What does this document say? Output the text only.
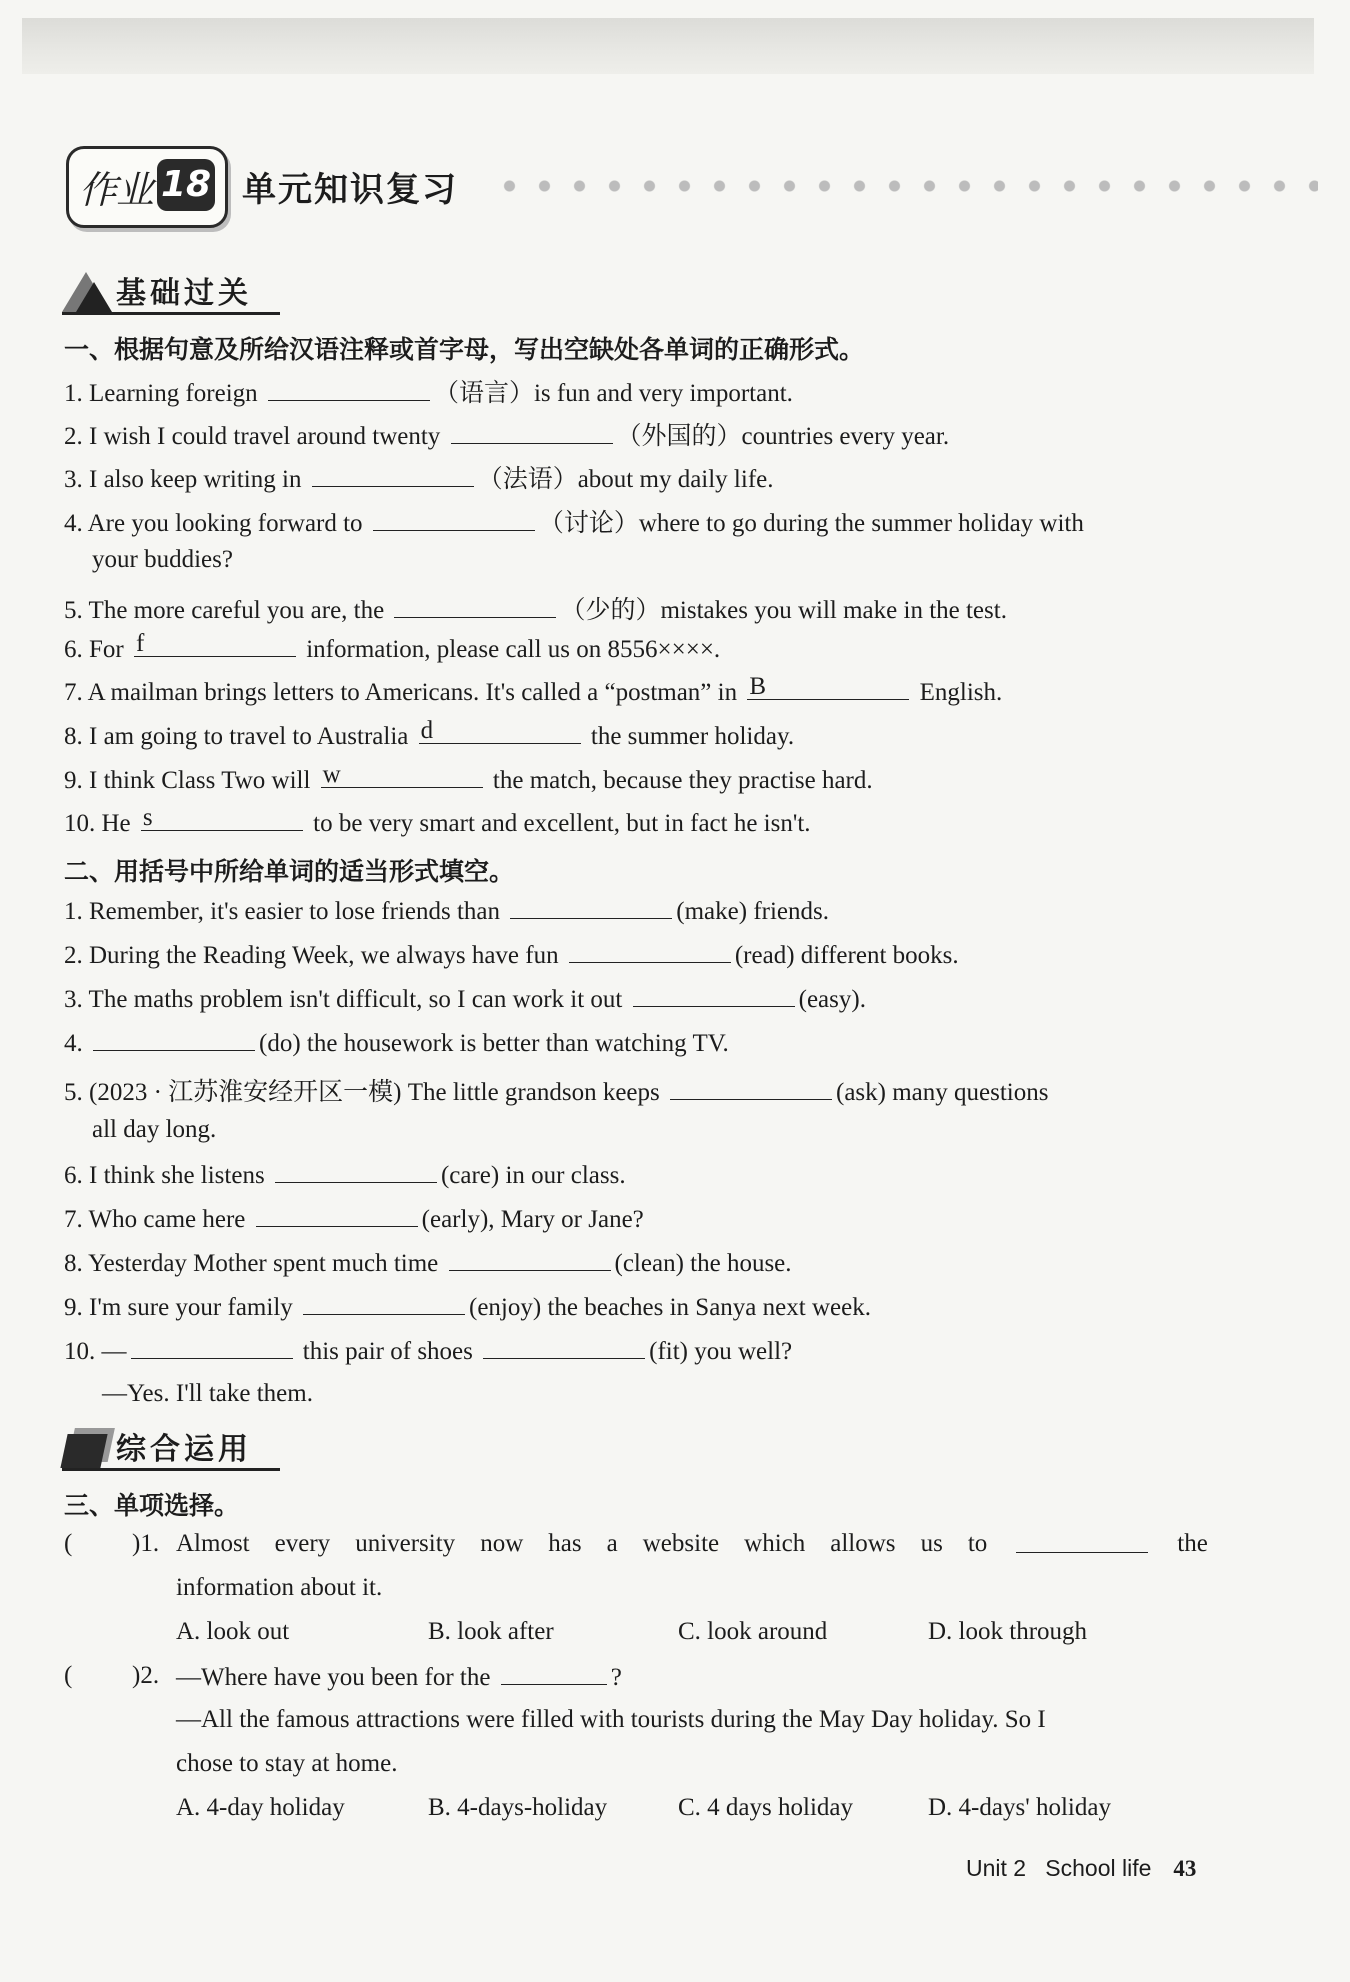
作业 18 单元知识复习
基础过关
一、根据句意及所给汉语注释或首字母，写出空缺处各单词的正确形式。
1. Learning foreign	（语言）is fun and very important.
2. I wish I could travel around twenty	（外国的）countries every year.
3. I also keep writing in	（法语）about my daily life.
4. Are you looking forward to	（讨论）where to go during the summer holiday with
your buddies?
5. The more careful you are, the	（少的）mistakes you will make in the test.
6. For f	information, please call us on 8556××××.
7. A mailman brings letters to Americans. It's called a “postman” in B	English.
8. I am going to travel to Australia d	the summer holiday.
9. I think Class Two will w	the match, because they practise hard.
10. He s	to be very smart and excellent, but in fact he isn't.
二、用括号中所给单词的适当形式填空。
1. Remember, it's easier to lose friends than	(make) friends.
2. During the Reading Week, we always have fun	(read) different books.
3. The maths problem isn't difficult, so I can work it out	(easy).
4.	(do) the housework is better than watching TV.
5. (2023 · 江苏淮安经开区一模) The little grandson keeps	(ask) many questions
all day long.
6. I think she listens	(care) in our class.
7. Who came here	(early), Mary or Jane?
8. Yesterday Mother spent much time	(clean) the house.
9. I'm sure your family	(enjoy) the beaches in Sanya next week.
10. —	this pair of shoes	(fit) you well?
—Yes. I'll take them.
综合运用
三、单项选择。
( )1. Almost every university now has a website which allows us to	the
information about it.
A. look out	B. look after	C. look around	D. look through
( )2. —Where have you been for the	?
—All the famous attractions were filled with tourists during the May Day holiday. So I
chose to stay at home.
A. 4-day holiday	B. 4-days-holiday	C. 4 days holiday	D. 4-days' holiday
Unit 2 School life 43
